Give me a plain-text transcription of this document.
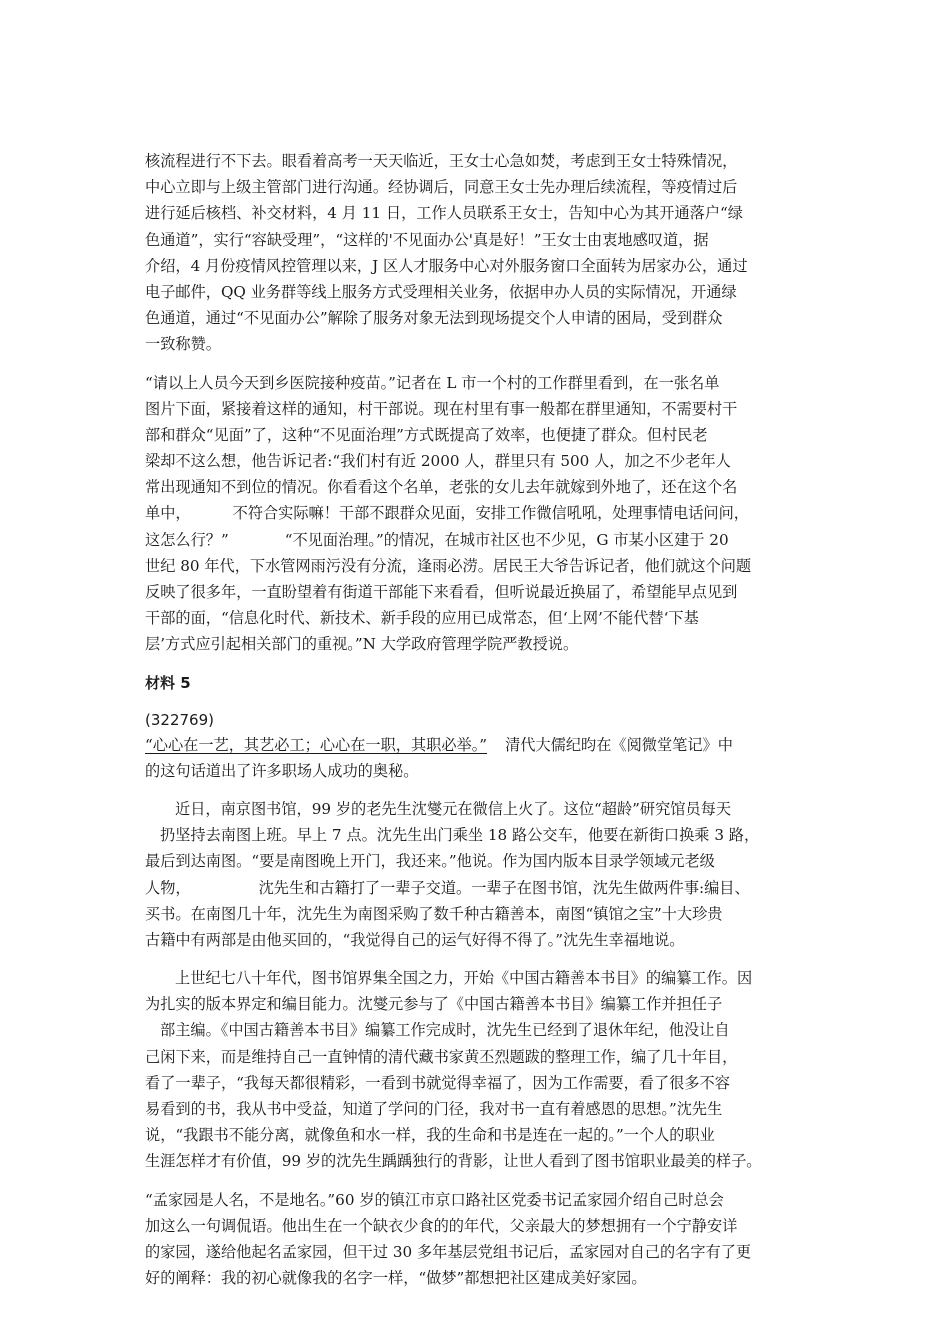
核流程进行不下去。眼看着高考一天天临近，王女士心急如焚，考虑到王女士特殊情况，
中心立即与上级主管部门进行沟通。经协调后，同意王女士先办理后续流程，等疫情过后
进行延后核档、补交材料，4 月 11 日，工作人员联系王女士，告知中心为其开通落户“绿
色通道”，实行“容缺受理”，“这样的'不见面办公'真是好！”王女士由衷地感叹道，据
介绍，4 月份疫情风控管理以来，J 区人才服务中心对外服务窗口全面转为居家办公，通过
电子邮件，QQ 业务群等线上服务方式受理相关业务，依据申办人员的实际情况，开通绿
色通道，通过“不见面办公”解除了服务对象无法到现场提交个人申请的困局，受到群众
一致称赞。
“请以上人员今天到乡医院接种疫苗。”记者在 L 市一个村的工作群里看到，在一张名单
图片下面，紧接着这样的通知，村干部说。现在村里有事一般都在群里通知，不需要村干
部和群众“见面”了，这种“不见面治理”方式既提高了效率，也便捷了群众。但村民老
梁却不这么想，他告诉记者:“我们村有近 2000 人，群里只有 500 人，加之不少老年人
常出现通知不到位的情况。你看看这个名单，老张的女儿去年就嫁到外地了，还在这个名
单中，	不符合实际嘛！干部不跟群众见面，安排工作微信吼吼，处理事情电话问问，
这怎么行？”	“不见面治理。”的情况，在城市社区也不少见，G 市某小区建于 20
世纪 80 年代，下水管网雨污没有分流，逢雨必涝。居民王大爷告诉记者，他们就这个问题
反映了很多年，一直盼望着有街道干部能下来看看，但听说最近换届了，希望能早点见到
干部的面，“信息化时代、新技术、新手段的应用已成常态，但‘上网’不能代替‘下基
层’方式应引起相关部门的重视。”N 大学政府管理学院严教授说。
材料 5
(322769)
“心心在一艺，其艺必工；心心在一职，其职必举。” 清代大儒纪昀在《阅微堂笔记》中
的这句话道出了许多职场人成功的奥秘。
近日，南京图书馆，99 岁的老先生沈燮元在微信上火了。这位“超龄”研究馆员每天
扔坚持去南图上班。早上 7 点。沈先生出门乘坐 18 路公交车，他要在新街口换乘 3 路，
最后到达南图。“要是南图晚上开门，我还来。”他说。作为国内版本目录学领域元老级
人物，	沈先生和古籍打了一辈子交道。一辈子在图书馆，沈先生做两件事:编目、
买书。在南图几十年，沈先生为南图采购了数千种古籍善本，南图“镇馆之宝”十大珍贵
古籍中有两部是由他买回的，“我觉得自己的运气好得不得了。”沈先生幸福地说。
上世纪七八十年代，图书馆界集全国之力，开始《中国古籍善本书目》的编纂工作。因
为扎实的版本界定和编目能力。沈燮元参与了《中国古籍善本书目》编纂工作并担任子
部主编。《中国古籍善本书目》编纂工作完成时，沈先生已经到了退休年纪，他没让自
己闲下来，而是维持自己一直钟情的清代藏书家黄丕烈题跋的整理工作，编了几十年目，
看了一辈子，“我每天都很精彩，一看到书就觉得幸福了，因为工作需要，看了很多不容
易看到的书，我从书中受益，知道了学问的门径，我对书一直有着感恩的思想。”沈先生
说，“我跟书不能分离，就像鱼和水一样，我的生命和书是连在一起的。”一个人的职业
生涯怎样才有价值，99 岁的沈先生踽踽独行的背影，让世人看到了图书馆职业最美的样子。
“孟家园是人名，不是地名。”60 岁的镇江市京口路社区党委书记孟家园介绍自己时总会
加这么一句调侃语。他出生在一个缺衣少食的的年代，父亲最大的梦想拥有一个宁静安详
的家园，遂给他起名孟家园，但干过 30 多年基层党组书记后，孟家园对自己的名字有了更
好的阐释：我的初心就像我的名字一样，“做梦”都想把社区建成美好家园。
